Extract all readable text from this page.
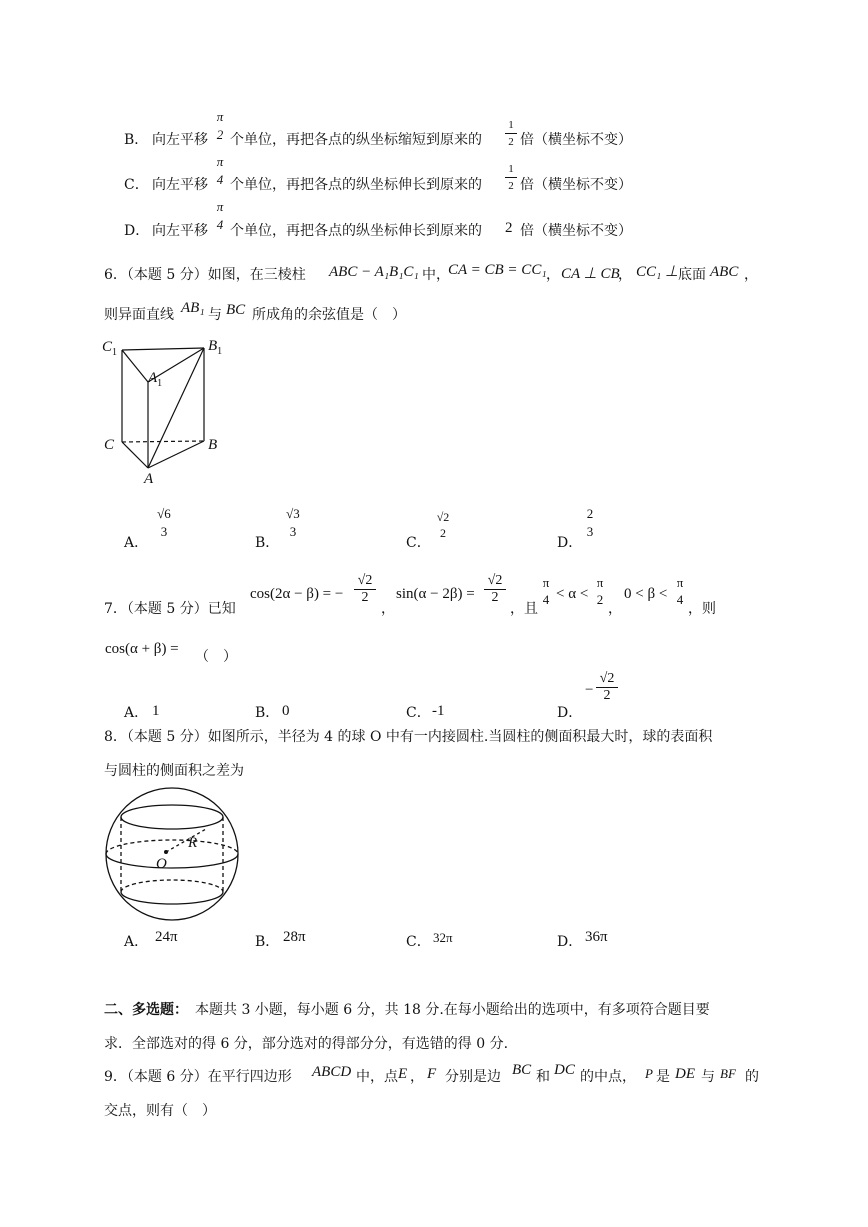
B． 向左平移
π
2 个单位，再把各点的纵坐标缩短到原来的
1
2 倍（横坐标不变）
C． 向左平移
π
4 个单位，再把各点的纵坐标伸长到原来的
1
2 倍（横坐标不变）
D． 向左平移
π
4 个单位，再把各点的纵坐标伸长到原来的 2 倍（横坐标不变）
6．（本题 5 分）如图，在三棱柱 ABC − A₁B₁C₁ 中，
CA = CB = CC₁ ， CA ⊥ CB
， CC₁ ⊥ 底面 ABC ，
则异面直线 AB₁ 与 BC 所成角的余弦值是（　）
$C_1$	$B_1$
$A_1$
C	B
A
A．
√6
3
B．
√3
3
C．
√2
2
D．
2
3
7．（本题 5 分）已知
cos(2α − β) = −
√2
2
，
sin(α − 2β) =
√2
2
，且
π
4 < α <
π
2
，
0 < β <
π
4
，则
cos(α + β) = （　）
A． 1	B． 0	C． -1	D．
−
√2
2
8．（本题 5 分）如图所示，半径为 4 的球 O 中有一内接圆柱.当圆柱的侧面积最大时，球的表面积
与圆柱的侧面积之差为
R
O
A． 24π	B． 28π	C． 32π	D． 36π
二、多选题： 本题共 3 小题，每小题 6 分，共 18 分.在每小题给出的选项中，有多项符合题目要
求．全部选对的得 6 分，部分选对的得部分分，有选错的得 0 分.
9．（本题 6 分）在平行四边形 ABCD 中，点 E ， F 分别是边 BC 和 DC 的中点， P 是 DE 与 BF 的
交点，则有（　）
